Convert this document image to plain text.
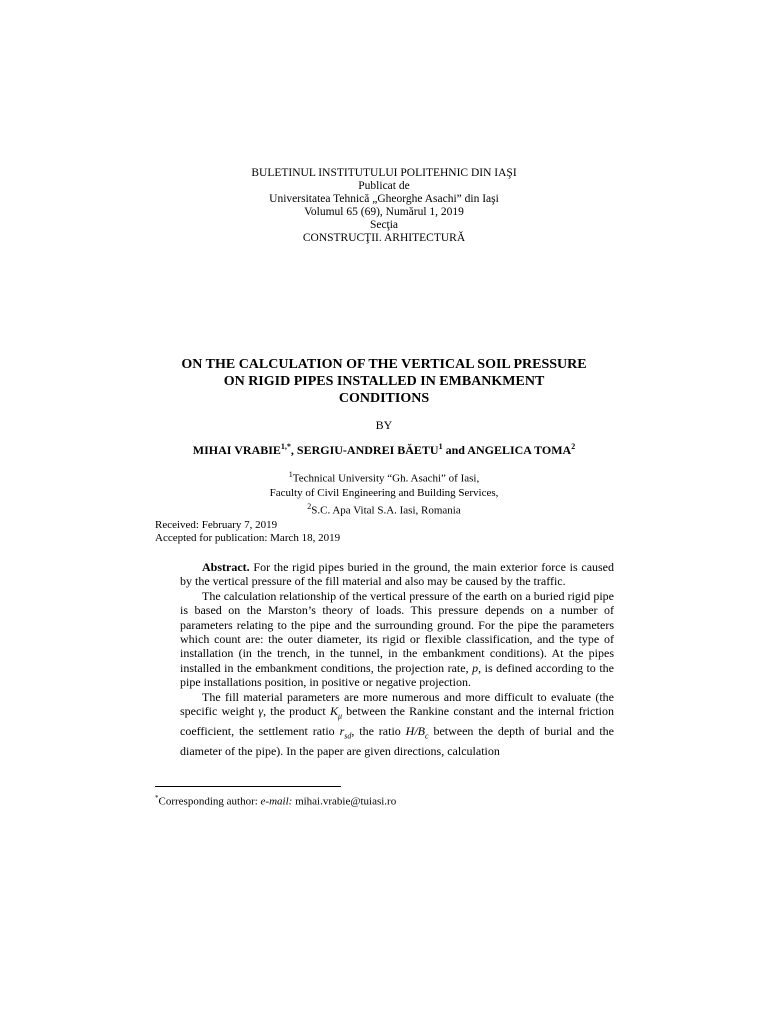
BULETINUL INSTITUTULUI POLITEHNIC DIN IAŞI
Publicat de
Universitatea Tehnică „Gheorghe Asachi” din Iaşi
Volumul 65 (69), Numărul 1, 2019
Secţia
CONSTRUCŢII. ARHITECTURĂ
ON THE CALCULATION OF THE VERTICAL SOIL PRESSURE
ON RIGID PIPES INSTALLED IN EMBANKMENT
CONDITIONS
BY
MIHAI $VRABIE^{1,*}$, SERGIU-ANDREI BĂETU$^1$ and ANGELICA TOMA$^2$
$^1$Technical University “Gh. Asachi” of Iasi,
Faculty of Civil Engineering and Building Services,
$^2$S.C. Apa Vital S.A. Iasi, Romania
Received: February 7, 2019
Accepted for publication: March 18, 2019

Abstract. For the rigid pipes buried in the ground, the main exterior force is caused by the vertical pressure of the fill material and also may be caused by the traffic.

The calculation relationship of the vertical pressure of the earth on a buried rigid pipe is based on the Marston’s theory of loads. This pressure depends on a number of parameters relating to the pipe and the surrounding ground. For the pipe the parameters which count are: the outer diameter, its rigid or flexible classification, and the type of installation (in the trench, in the tunnel, in the embankment conditions). At the pipes installed in the embankment conditions, the projection rate, p, is defined according to the pipe installations position, in positive or negative projection.

The fill material parameters are more numerous and more difficult to evaluate (the specific weight γ, the product $K_\mu$ between the Rankine constant and the internal friction coefficient, the settlement ratio $r_{sd}$, the ratio $H/B_c$ between the depth of burial and the diameter of the pipe). In the paper are given directions, calculation

*Corresponding author: e-mail: mihai.vrabie@tuiasi.ro
